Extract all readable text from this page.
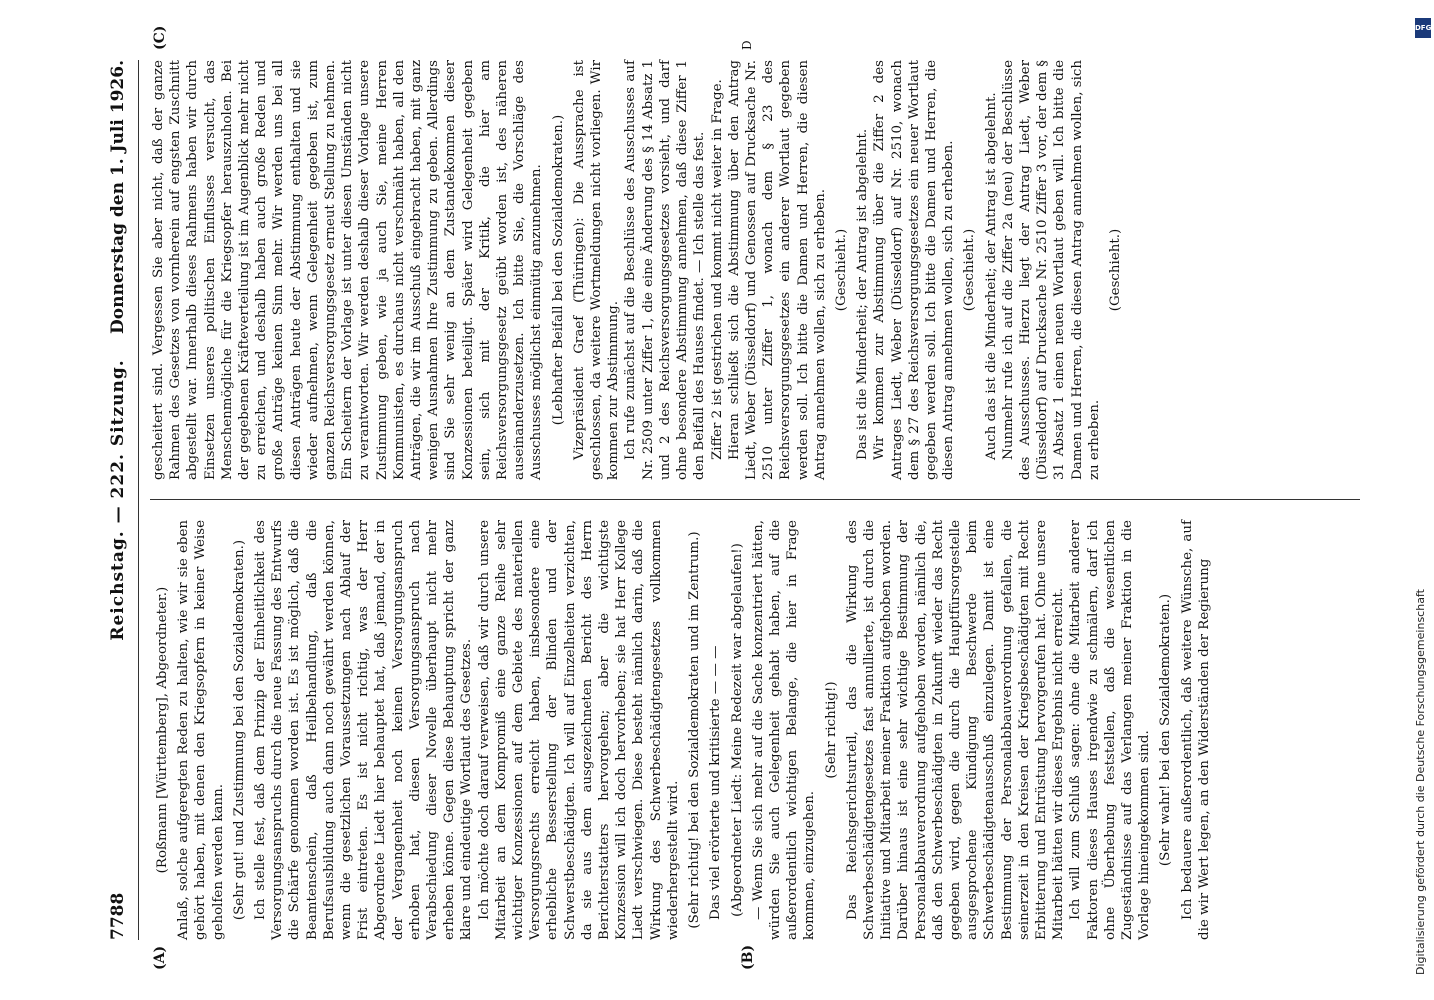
7788
Reichstag. — 222. Sitzung.
Donnerstag den 1. Juli 1926.
(A)	(B)
(C)	D

(Roßmann [Württemberg], Abgeordneter.) Anlaß, solche aufgeregten Reden zu halten, wie wir sie eben gehört haben, mit denen den Kriegsopfern in keiner Weise geholfen werden kann. (Sehr gut! und Zustimmung bei den Sozialdemokraten.) Ich stelle fest, daß dem Prinzip der Einheitlichkeit des Versorgungsanspruchs durch die neue Fassung des Entwurfs die Schärfe genommen worden ist. Es ist möglich, daß die Beamtenschein, daß Heilbehandlung, daß die Berufsausbildung auch dann noch gewährt werden können, wenn die gesetzlichen Voraussetzungen nach Ablauf der Frist eintreten. Es ist nicht richtig, was der Herr Abgeordnete Liedt hier behauptet hat, daß jemand, der in der Vergangenheit noch keinen Versorgungsanspruch erhoben hat, diesen Versorgungsanspruch nach Verabschiedung dieser Novelle überhaupt nicht mehr erheben könne. Gegen diese Behauptung spricht der ganz klare und eindeutige Wortlaut des Gesetzes. Ich möchte doch darauf verweisen, daß wir durch unsere Mitarbeit an dem Kompromiß eine ganze Reihe sehr wichtiger Konzessionen auf dem Gebiete des materiellen Versorgungsrechts erreicht haben, insbesondere eine erhebliche Besserstellung der Blinden und der Schwerstbeschädigten. Ich will auf Einzelheiten verzichten, da sie aus dem ausgezeichneten Bericht des Herrn Berichterstatters hervorgehen; aber die wichtigste Konzession will ich doch hervorheben; sie hat Herr Kollege Liedt verschwiegen. Diese besteht nämlich darin, daß die Wirkung des Schwerbeschädigtengesetzes vollkommen wiederhergestellt wird. (Sehr richtig! bei den Sozialdemokraten und im Zentrum.) Das viel erörterte und kritisierte — — — (Abgeordneter Liedt: Meine Redezeit war abgelaufen!) — Wenn Sie sich mehr auf die Sache konzentriert hätten, würden Sie auch Gelegenheit gehabt haben, auf die außerordentlich wichtigen Belange, die hier in Frage kommen, einzugehen.

(Sehr richtig!) Das Reichsgerichtsurteil, das die Wirkung des Schwerbeschädigtengesetzes fast annullierte, ist durch die Initiative und Mitarbeit meiner Fraktion aufgehoben worden. Darüber hinaus ist eine sehr wichtige Bestimmung der Personalabbauverordnung aufgehoben worden, nämlich die, daß den Schwerbeschädigten in Zukunft wieder das Recht gegeben wird, gegen die durch die Hauptfürsorgestelle ausgesprochene Kündigung Beschwerde beim Schwerbeschädigtenausschuß einzulegen. Damit ist eine Bestimmung der Personalabbauverordnung gefallen, die seinerzeit in den Kreisen der Kriegsbeschädigten mit Recht Erbitterung und Entrüstung hervorgerufen hat. Ohne unsere Mitarbeit hätten wir dieses Ergebnis nicht erreicht. Ich will zum Schluß sagen: ohne die Mitarbeit anderer Faktoren dieses Hauses irgendwie zu schmälern, darf ich ohne Überhebung feststellen, daß die wesentlichen Zugeständnisse auf das Verlangen meiner Fraktion in die Vorlage hineingekommen sind. (Sehr wahr! bei den Sozialdemokraten.) Ich bedauere außerordentlich, daß weitere Wünsche, auf die wir Wert legen, an den Widerständen der Regierung

gescheitert sind. Vergessen Sie aber nicht, daß der ganze Rahmen des Gesetzes von vornherein auf engsten Zuschnitt abgestellt war. Innerhalb dieses Rahmens haben wir durch Einsetzen unseres politischen Einflusses versucht, das Menschenmögliche für die Kriegsopfer herauszuholen. Bei der gegebenen Kräfteverteilung ist im Augenblick mehr nicht zu erreichen, und deshalb haben auch große Reden und große Anträge keinen Sinn mehr. Wir werden uns bei all diesen Anträgen heute der Abstimmung enthalten und sie wieder aufnehmen, wenn Gelegenheit gegeben ist, zum ganzen Reichsversorgungsgesetz erneut Stellung zu nehmen. Ein Scheitern der Vorlage ist unter diesen Umständen nicht zu verantworten. Wir werden deshalb dieser Vorlage unsere Zustimmung geben, wie ja auch Sie, meine Herren Kommunisten, es durchaus nicht verschmäht haben, all den Anträgen, die wir im Ausschuß eingebracht haben, mit ganz wenigen Ausnahmen Ihre Zustimmung zu geben. Allerdings sind Sie sehr wenig an dem Zustandekommen dieser Konzessionen beteiligt. Später wird Gelegenheit gegeben sein, sich mit der Kritik, die hier am Reichsversorgungsgesetz geübt worden ist, des näheren auseinanderzusetzen. Ich bitte Sie, die Vorschläge des Ausschusses möglichst einmütig anzunehmen. (Lebhafter Beifall bei den Sozialdemokraten.) Vizepräsident Graef (Thüringen): Die Aussprache ist geschlossen, da weitere Wortmeldungen nicht vorliegen. Wir kommen zur Abstimmung. Ich rufe zunächst auf die Beschlüsse des Ausschusses auf Nr. 2509 unter Ziffer 1, die eine Änderung des § 14 Absatz 1 und 2 des Reichsversorgungsgesetzes vorsieht, und darf ohne besondere Abstimmung annehmen, daß diese Ziffer 1 den Beifall des Hauses findet. — Ich stelle das fest. Ziffer 2 ist gestrichen und kommt nicht weiter in Frage. Hieran schließt sich die Abstimmung über den Antrag Liedt, Weber (Düsseldorf) und Genossen auf Drucksache Nr. 2510 unter Ziffer 1, wonach dem § 23 des Reichsversorgungsgesetzes ein anderer Wortlaut gegeben werden soll. Ich bitte die Damen und Herren, die diesen Antrag annehmen wollen, sich zu erheben. (Geschieht.) Das ist die Minderheit; der Antrag ist abgelehnt. Wir kommen zur Abstimmung über die Ziffer 2 des Antrages Liedt, Weber (Düsseldorf) auf Nr. 2510, wonach dem § 27 des Reichsversorgungsgesetzes ein neuer Wortlaut gegeben werden soll. Ich bitte die Damen und Herren, die diesen Antrag annehmen wollen, sich zu erheben. (Geschieht.) Auch das ist die Minderheit; der Antrag ist abgelehnt. Nunmehr rufe ich auf die Ziffer 2a (neu) der Beschlüsse des Ausschusses. Hierzu liegt der Antrag Liedt, Weber (Düsseldorf) auf Drucksache Nr. 2510 Ziffer 3 vor, der dem § 31 Absatz 1 einen neuen Wortlaut geben will. Ich bitte die Damen und Herren, die diesen Antrag annehmen wollen, sich zu erheben.

(Geschieht.)

DFG
Digitalisierung gefördert durch die Deutsche Forschungsgemeinschaft
